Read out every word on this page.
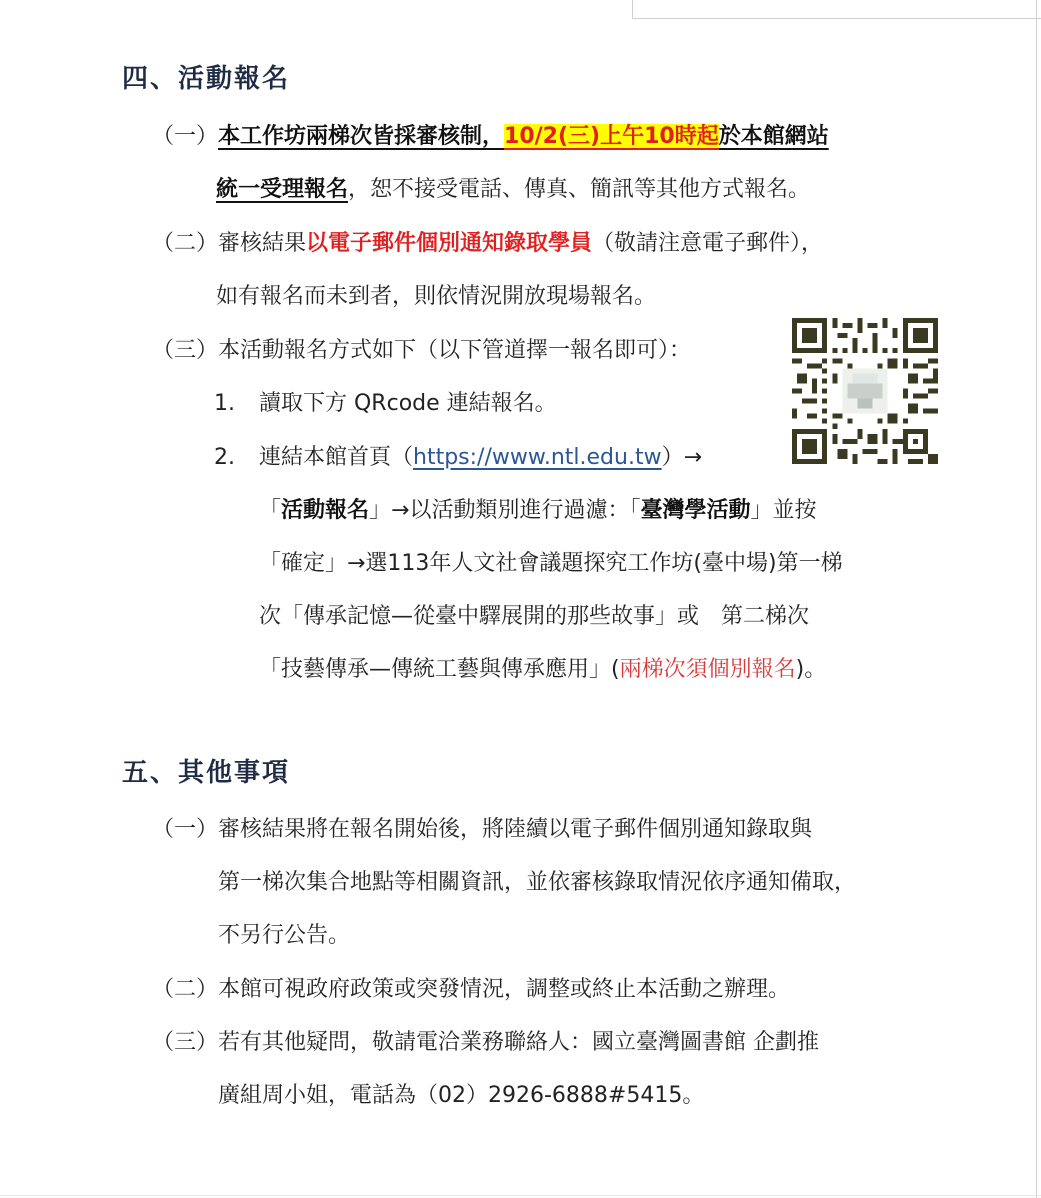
四、活動報名
（一）本工作坊兩梯次皆採審核制，10/2(三)上午10時起於本館網站
統一受理報名，恕不接受電話、傳真、簡訊等其他方式報名。
（二）審核結果以電子郵件個別通知錄取學員（敬請注意電子郵件），
如有報名而未到者，則依情況開放現場報名。
（三）本活動報名方式如下（以下管道擇一報名即可）：
1. 讀取下方 QRcode 連結報名。
2. 連結本館首頁（https://www.ntl.edu.tw）→
「活動報名」→以活動類別進行過濾：「臺灣學活動」並按
「確定」→選113年人文社會議題探究工作坊(臺中場)第一梯
次「傳承記憶—從臺中驛展開的那些故事」或　第二梯次
「技藝傳承—傳統工藝與傳承應用」(兩梯次須個別報名)。
五、其他事項
（一）審核結果將在報名開始後，將陸續以電子郵件個別通知錄取與
第一梯次集合地點等相關資訊，並依審核錄取情況依序通知備取，
不另行公告。
（二）本館可視政府政策或突發情況，調整或終止本活動之辦理。
（三）若有其他疑問，敬請電洽業務聯絡人：國立臺灣圖書館 企劃推
廣組周小姐，電話為（02）2926-6888#5415。
